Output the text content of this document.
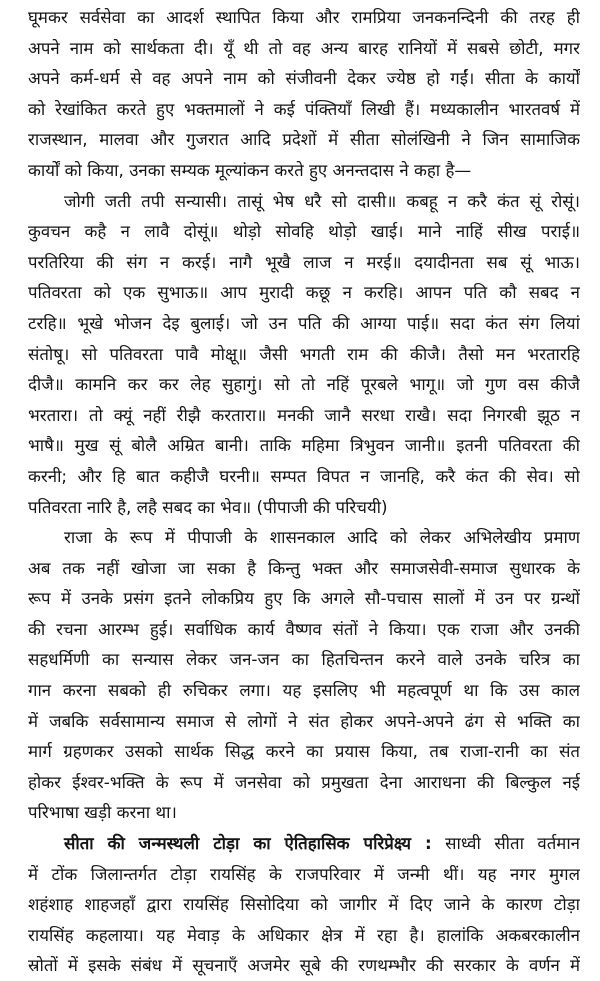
घूमकर सर्वसेवा का आदर्श स्थापित किया और रामप्रिया जनकनन्दिनी की तरह ही
अपने नाम को सार्थकता दी। यूँ थी तो वह अन्य बारह रानियों में सबसे छोटी, मगर
अपने कर्म-धर्म से वह अपने नाम को संजीवनी देकर ज्येष्ठ हो गईं। सीता के कार्यों
को रेखांकित करते हुए भक्तमालों ने कई पंक्तियाँ लिखी हैं। मध्यकालीन भारतवर्ष में
राजस्थान, मालवा और गुजरात आदि प्रदेशों में सीता सोलंखिनी ने जिन सामाजिक
कार्यों को किया, उनका सम्यक मूल्यांकन करते हुए अनन्तदास ने कहा है—
जोगी जती तपी सन्यासी। तासूं भेष धरै सो दासी॥ कबहू न करै कंत सूं रोसूं।
कुवचन कहै न लावै दोसूं॥ थोड़ो सोवहि थोड़ो खाई। माने नाहिं सीख पराई॥
परतिरिया की संग न करई। नागै भूखै लाज न मरई॥ दयादीनता सब सूं भाऊ।
पतिवरता को एक सुभाऊ॥ आप मुरादी कछू न करहि। आपन पति कौ सबद न
टरहि॥ भूखे भोजन देइ बुलाई। जो उन पति की आग्या पाई॥ सदा कंत संग लियां
संतोषू। सो पतिवरता पावै मोक्षू॥ जैसी भगती राम की कीजै। तैसो मन भरतारहि
दीजै॥ कामनि कर कर लेह सुहागुं। सो तो नहिं पूरबले भागू॥ जो गुण वस कीजै
भरतारा। तो क्यूं नहीं रीझै करतारा॥ मनकी जानै सरधा राखै। सदा निगरबी झूठ न
भाषै॥ मुख सूं बोलै अम्रित बानी। ताकि महिमा त्रिभुवन जानी॥ इतनी पतिवरता की
करनी; और हि बात कहीजै घरनी॥ सम्पत विपत न जानहि, करै कंत की सेव। सो
पतिवरता नारि है, लहै सबद का भेव॥ (पीपाजी की परिचयी)
राजा के रूप में पीपाजी के शासनकाल आदि को लेकर अभिलेखीय प्रमाण
अब तक नहीं खोजा जा सका है किन्तु भक्त और समाजसेवी-समाज सुधारक के
रूप में उनके प्रसंग इतने लोकप्रिय हुए कि अगले सौ-पचास सालों में उन पर ग्रन्थों
की रचना आरम्भ हुई। सर्वाधिक कार्य वैष्णव संतों ने किया। एक राजा और उनकी
सहधर्मिणी का सन्यास लेकर जन-जन का हितचिन्तन करने वाले उनके चरित्र का
गान करना सबको ही रुचिकर लगा। यह इसलिए भी महत्वपूर्ण था कि उस काल
में जबकि सर्वसामान्य समाज से लोगों ने संत होकर अपने-अपने ढंग से भक्ति का
मार्ग ग्रहणकर उसको सार्थक सिद्ध करने का प्रयास किया, तब राजा-रानी का संत
होकर ईश्वर-भक्ति के रूप में जनसेवा को प्रमुखता देना आराधना की बिल्कुल नई
परिभाषा खड़ी करना था।
सीता की जन्मस्थली टोड़ा का ऐतिहासिक परिप्रेक्ष्य : साध्वी सीता वर्तमान
में टोंक जिलान्तर्गत टोड़ा रायसिंह के राजपरिवार में जन्मी थीं। यह नगर मुगल
शहंशाह शाहजहाँ द्वारा रायसिंह सिसोदिया को जागीर में दिए जाने के कारण टोड़ा
रायसिंह कहलाया। यह मेवाड़ के अधिकार क्षेत्र में रहा है। हालांकि अकबरकालीन
स्रोतों में इसके संबंध में सूचनाएँ अजमेर सूबे की रणथम्भौर की सरकार के वर्णन में
